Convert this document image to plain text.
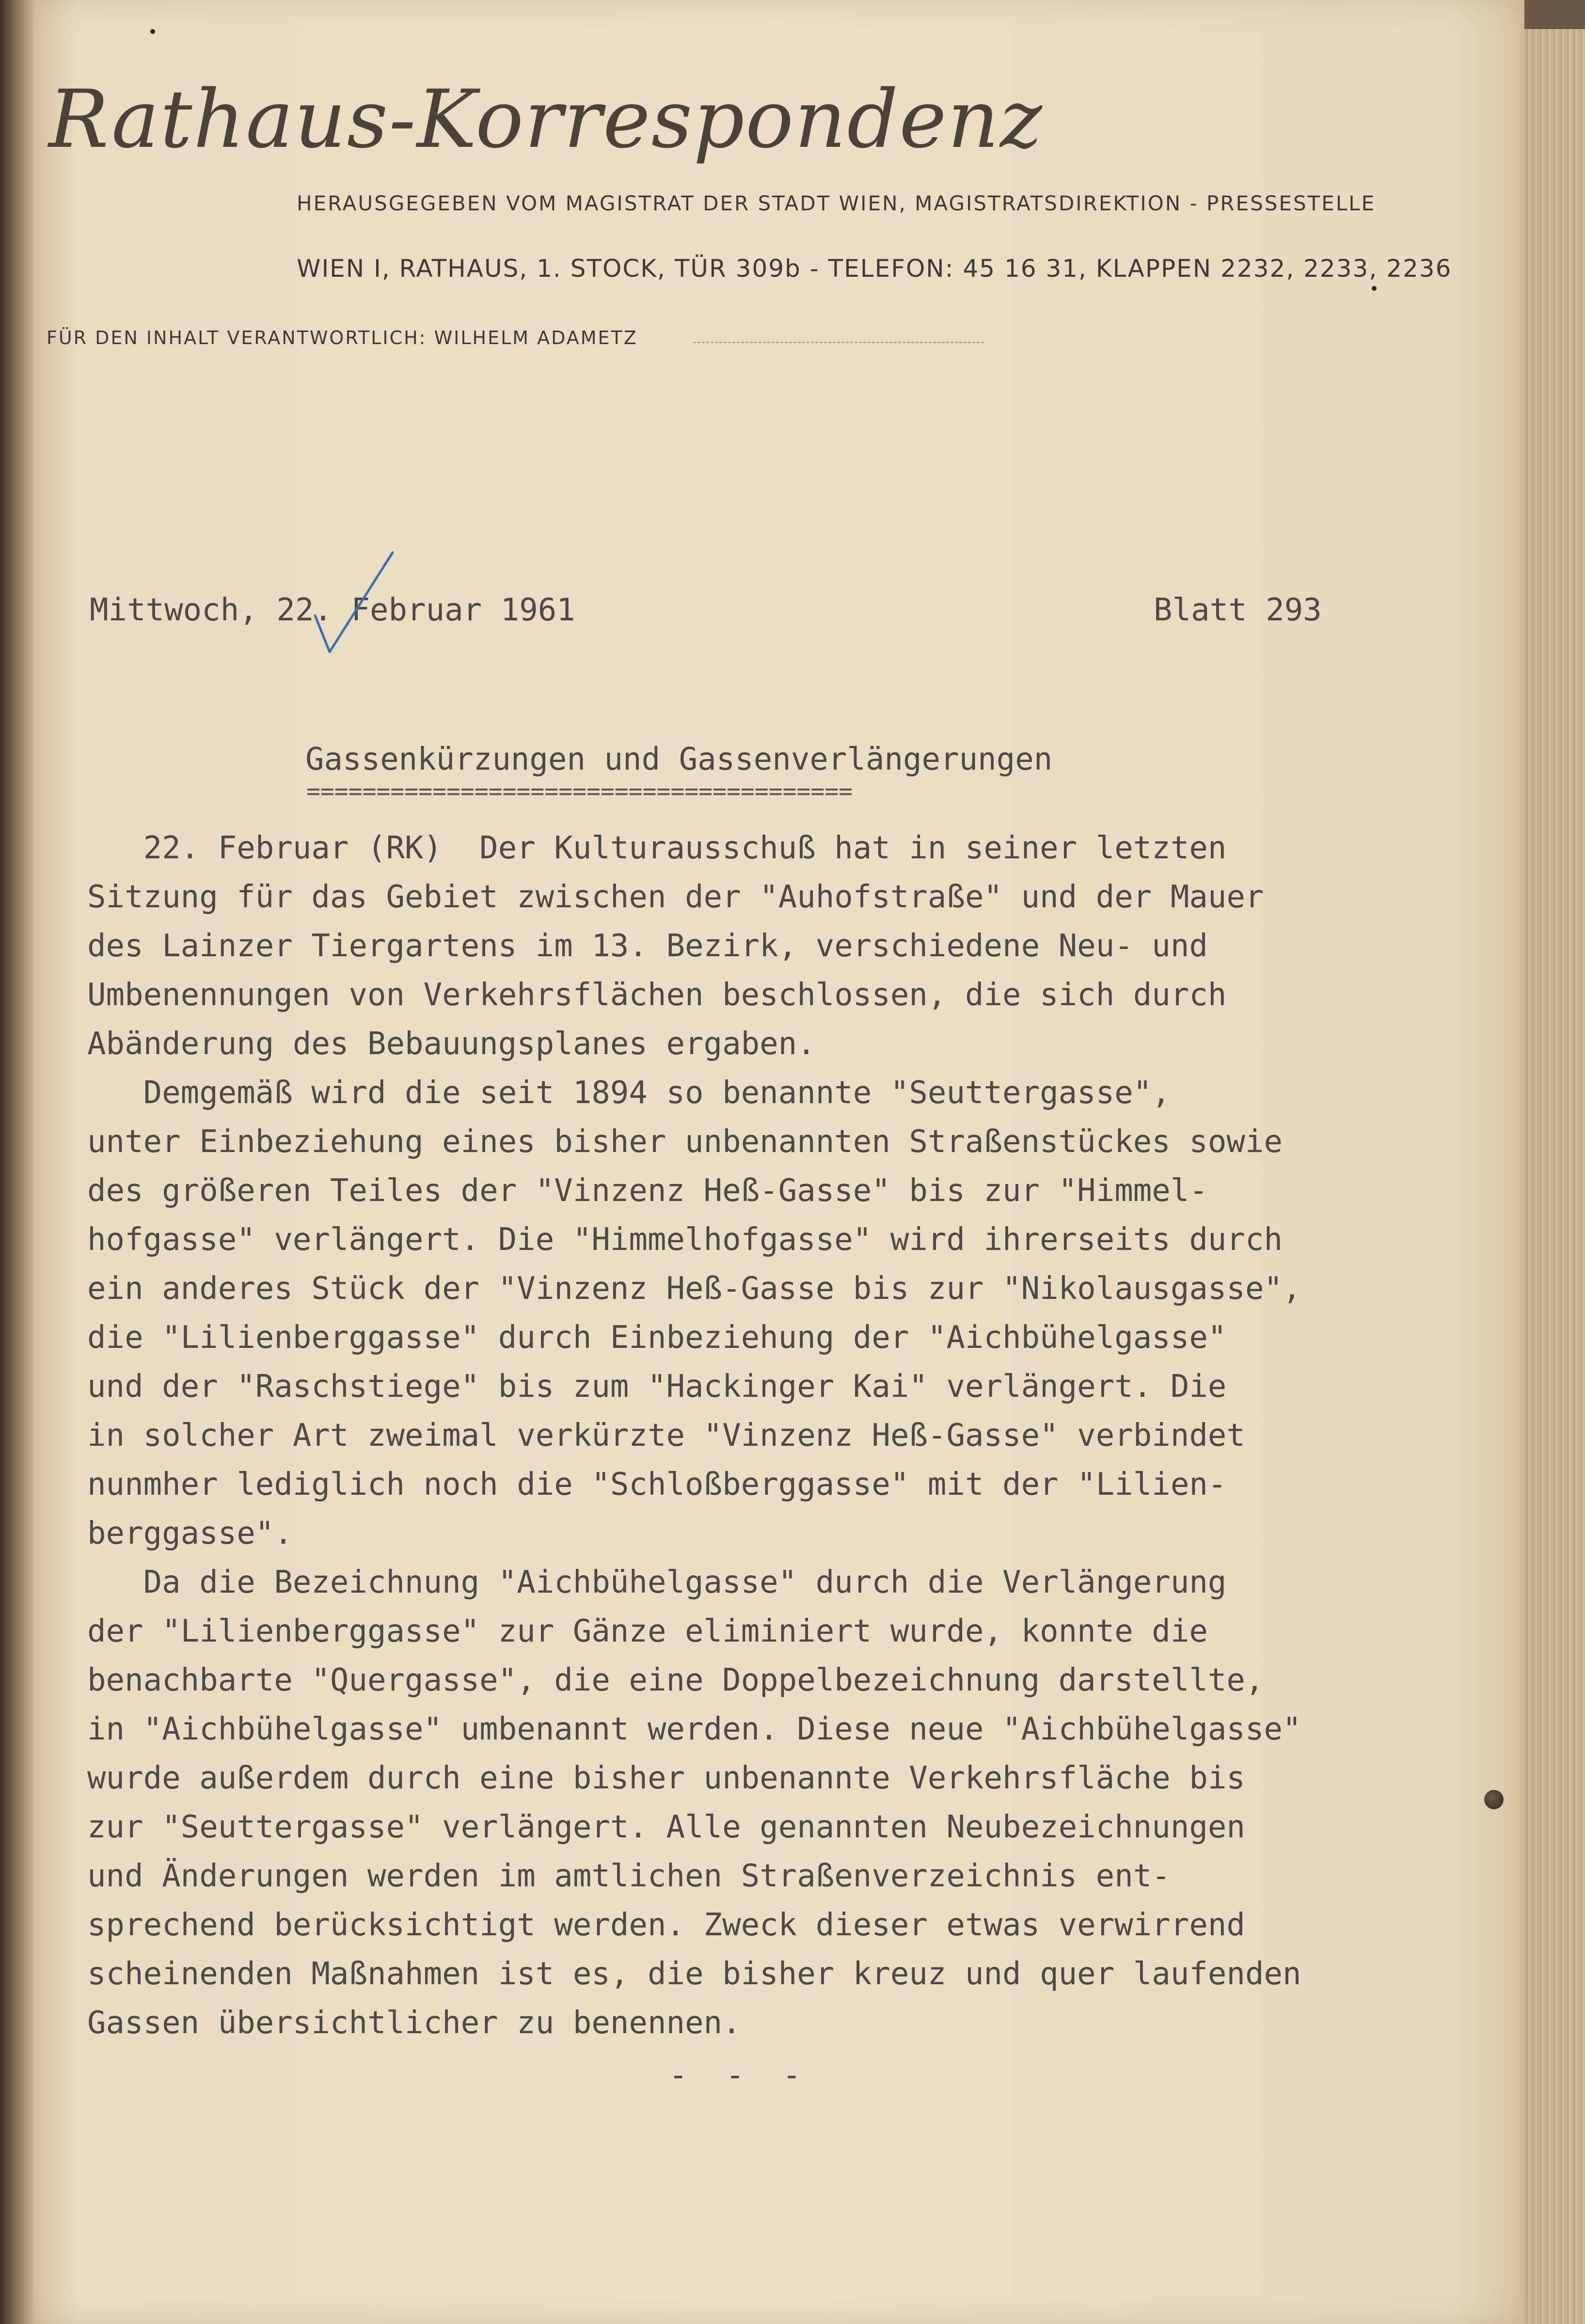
Rathaus-Korrespondenz
HERAUSGEGEBEN VOM MAGISTRAT DER STADT WIEN, MAGISTRATSDIREKTION - PRESSESTELLE
WIEN I, RATHAUS, 1. STOCK, TÜR 309b - TELEFON: 45 16 31, KLAPPEN 2232, 2233, 2236
FÜR DEN INHALT VERANTWORTLICH: WILHELM ADAMETZ
Mittwoch, 22. Februar 1961	Blatt 293
Gassenkürzungen und Gassenverlängerungen
=======================================
22. Februar (RK)  Der Kulturausschuß hat in seiner letzten
Sitzung für das Gebiet zwischen der "Auhofstraße" und der Mauer
des Lainzer Tiergartens im 13. Bezirk, verschiedene Neu- und
Umbenennungen von Verkehrsflächen beschlossen, die sich durch
Abänderung des Bebauungsplanes ergaben.
Demgemäß wird die seit 1894 so benannte "Seuttergasse",
unter Einbeziehung eines bisher unbenannten Straßenstückes sowie
des größeren Teiles der "Vinzenz Heß-Gasse" bis zur "Himmel-
hofgasse" verlängert. Die "Himmelhofgasse" wird ihrerseits durch
ein anderes Stück der "Vinzenz Heß-Gasse bis zur "Nikolausgasse",
die "Lilienberggasse" durch Einbeziehung der "Aichbühelgasse"
und der "Raschstiege" bis zum "Hackinger Kai" verlängert. Die
in solcher Art zweimal verkürzte "Vinzenz Heß-Gasse" verbindet
nunmher lediglich noch die "Schloßberggasse" mit der "Lilien-
berggasse".
Da die Bezeichnung "Aichbühelgasse" durch die Verlängerung
der "Lilienberggasse" zur Gänze eliminiert wurde, konnte die
benachbarte "Quergasse", die eine Doppelbezeichnung darstellte,
in "Aichbühelgasse" umbenannt werden. Diese neue "Aichbühelgasse"
wurde außerdem durch eine bisher unbenannte Verkehrsfläche bis
zur "Seuttergasse" verlängert. Alle genannten Neubezeichnungen
und Änderungen werden im amtlichen Straßenverzeichnis ent-
sprechend berücksichtigt werden. Zweck dieser etwas verwirrend
scheinenden Maßnahmen ist es, die bisher kreuz und quer laufenden
Gassen übersichtlicher zu benennen.
- - -
